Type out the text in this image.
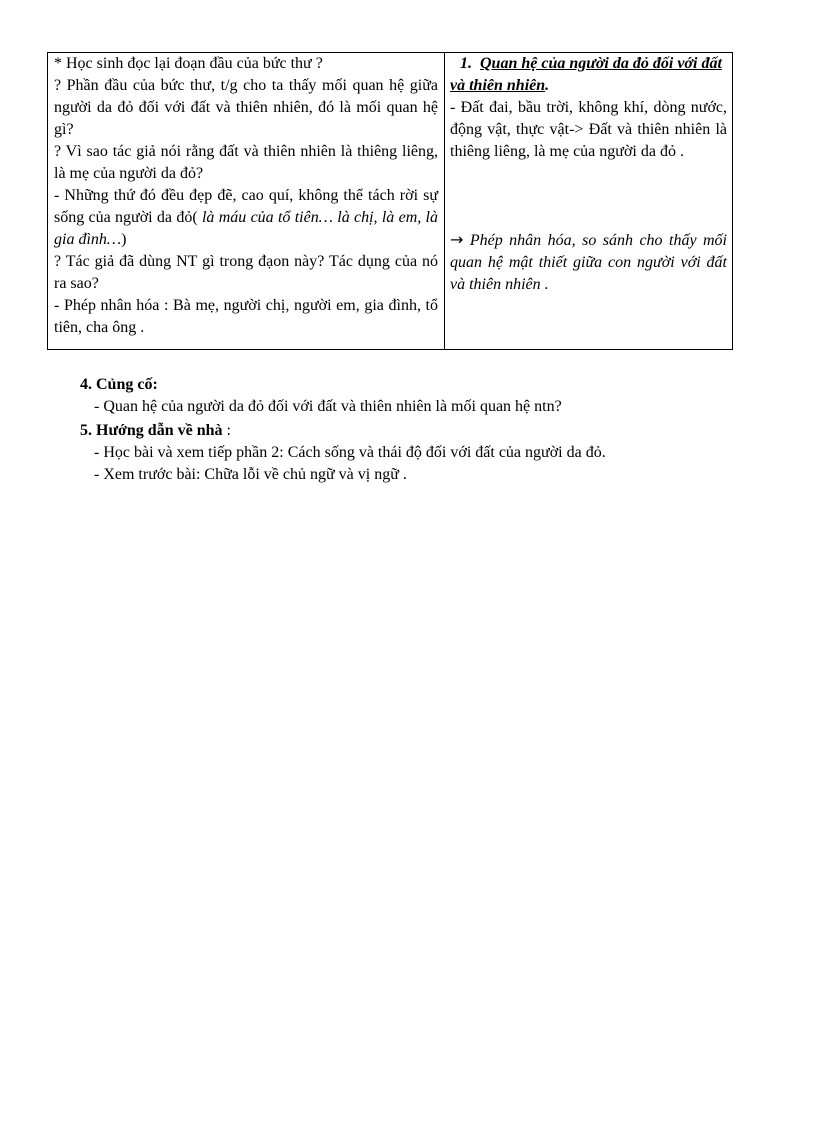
* Học sinh đọc lại đoạn đầu của bức thư ?

? Phần đầu của bức thư, t/g cho ta thấy mối quan hệ giữa người da đỏ đối với đất và thiên nhiên, đó là mối quan hệ gì?

? Vì sao tác giả nói rằng đất và thiên nhiên là thiêng liêng, là mẹ của người da đỏ?

- Những thứ đó đều đẹp đẽ, cao quí, không thể tách rời sự sống của người da đỏ( là máu của tổ tiên… là chị, là em, là gia đình…)

? Tác giả đã dùng NT gì trong đạon này? Tác dụng của nó ra sao?

- Phép nhân hóa : Bà mẹ, người chị, người em, gia đình, tổ tiên, cha ông .

1. Quan hệ của người da đỏ đối với đất và thiên nhiên.

- Đất đai, bầu trời, không khí, dòng nước, động vật, thực vật-> Đất và thiên nhiên là thiêng liêng, là mẹ của người da đỏ .

→ Phép nhân hóa, so sánh cho thấy mối quan hệ mật thiết giữa con người với đất và thiên nhiên .

4. Củng cố:

- Quan hệ của người da đỏ đối với đất và thiên nhiên là mối quan hệ ntn?

5. Hướng dẫn về nhà :

- Học bài và xem tiếp phần 2: Cách sống và thái độ đối với đất của người da đỏ.

- Xem trước bài: Chữa lỗi về chủ ngữ và vị ngữ .
